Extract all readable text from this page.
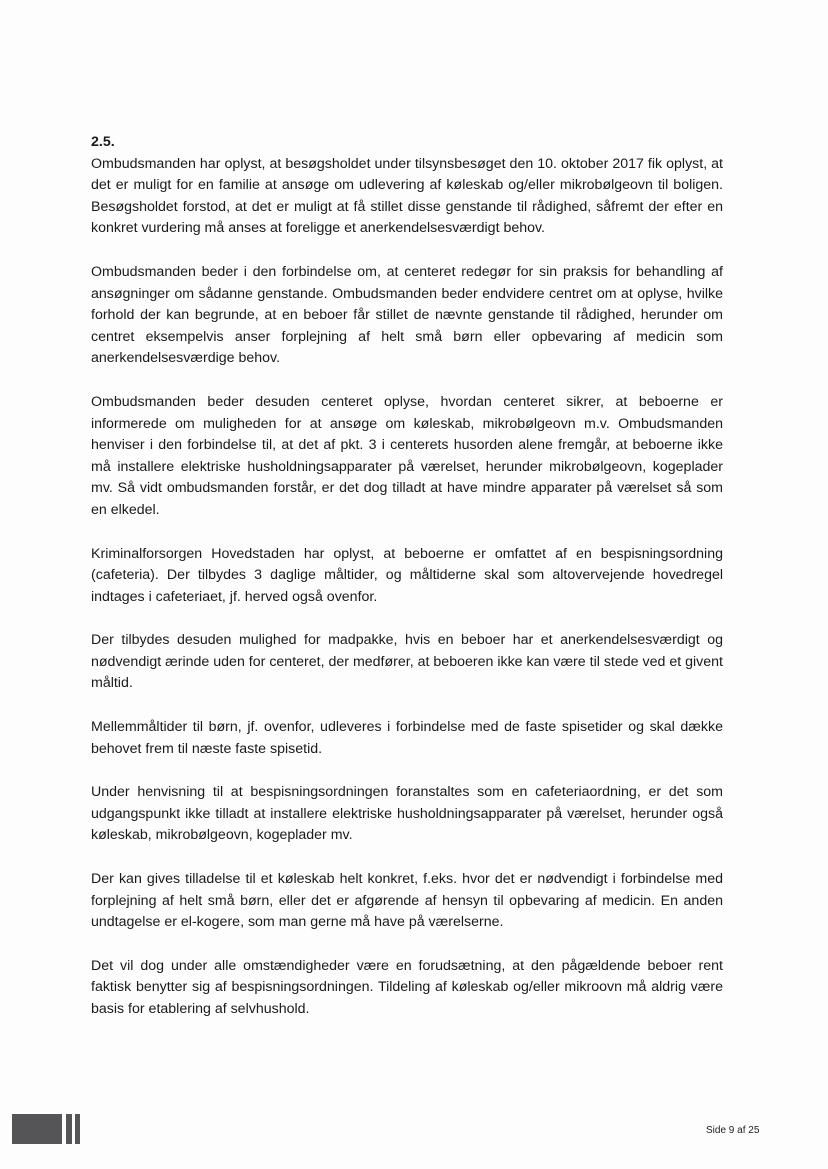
2.5.

Ombudsmanden har oplyst, at besøgsholdet under tilsynsbesøget den 10. oktober 2017 fik oplyst, at det er muligt for en familie at ansøge om udlevering af køleskab og/eller mikrobølgeovn til boligen. Besøgsholdet forstod, at det er muligt at få stillet disse genstande til rådighed, såfremt der efter en konkret vurdering må anses at foreligge et anerkendelsesværdigt behov.

Ombudsmanden beder i den forbindelse om, at centeret redegør for sin praksis for behandling af ansøgninger om sådanne genstande. Ombudsmanden beder endvidere centret om at oplyse, hvilke forhold der kan begrunde, at en beboer får stillet de nævnte genstande til rådighed, herunder om centret eksempelvis anser forplejning af helt små børn eller opbevaring af medicin som anerkendelsesværdige behov.

Ombudsmanden beder desuden centeret oplyse, hvordan centeret sikrer, at beboerne er informerede om muligheden for at ansøge om køleskab, mikrobølgeovn m.v. Ombudsmanden henviser i den forbindelse til, at det af pkt. 3 i centerets husorden alene fremgår, at beboerne ikke må installere elektriske husholdningsapparater på værelset, herunder mikrobølgeovn, kogeplader mv. Så vidt ombudsmanden forstår, er det dog tilladt at have mindre apparater på værelset så som en elkedel.

Kriminalforsorgen Hovedstaden har oplyst, at beboerne er omfattet af en bespisningsordning (cafeteria). Der tilbydes 3 daglige måltider, og måltiderne skal som altovervejende hovedregel indtages i cafeteriaet, jf. herved også ovenfor.

Der tilbydes desuden mulighed for madpakke, hvis en beboer har et anerkendelsesværdigt og nødvendigt ærinde uden for centeret, der medfører, at beboeren ikke kan være til stede ved et givent måltid.

Mellemmåltider til børn, jf. ovenfor, udleveres i forbindelse med de faste spisetider og skal dække behovet frem til næste faste spisetid.

Under henvisning til at bespisningsordningen foranstaltes som en cafeteriaordning, er det som udgangspunkt ikke tilladt at installere elektriske husholdningsapparater på værelset, herunder også køleskab, mikrobølgeovn, kogeplader mv.

Der kan gives tilladelse til et køleskab helt konkret, f.eks. hvor det er nødvendigt i forbindelse med forplejning af helt små børn, eller det er afgørende af hensyn til opbevaring af medicin. En anden undtagelse er el-kogere, som man gerne må have på værelserne.

Det vil dog under alle omstændigheder være en forudsætning, at den pågældende beboer rent faktisk benytter sig af bespisningsordningen. Tildeling af køleskab og/eller mikroovn må aldrig være basis for etablering af selvhushold.

Side 9 af 25
